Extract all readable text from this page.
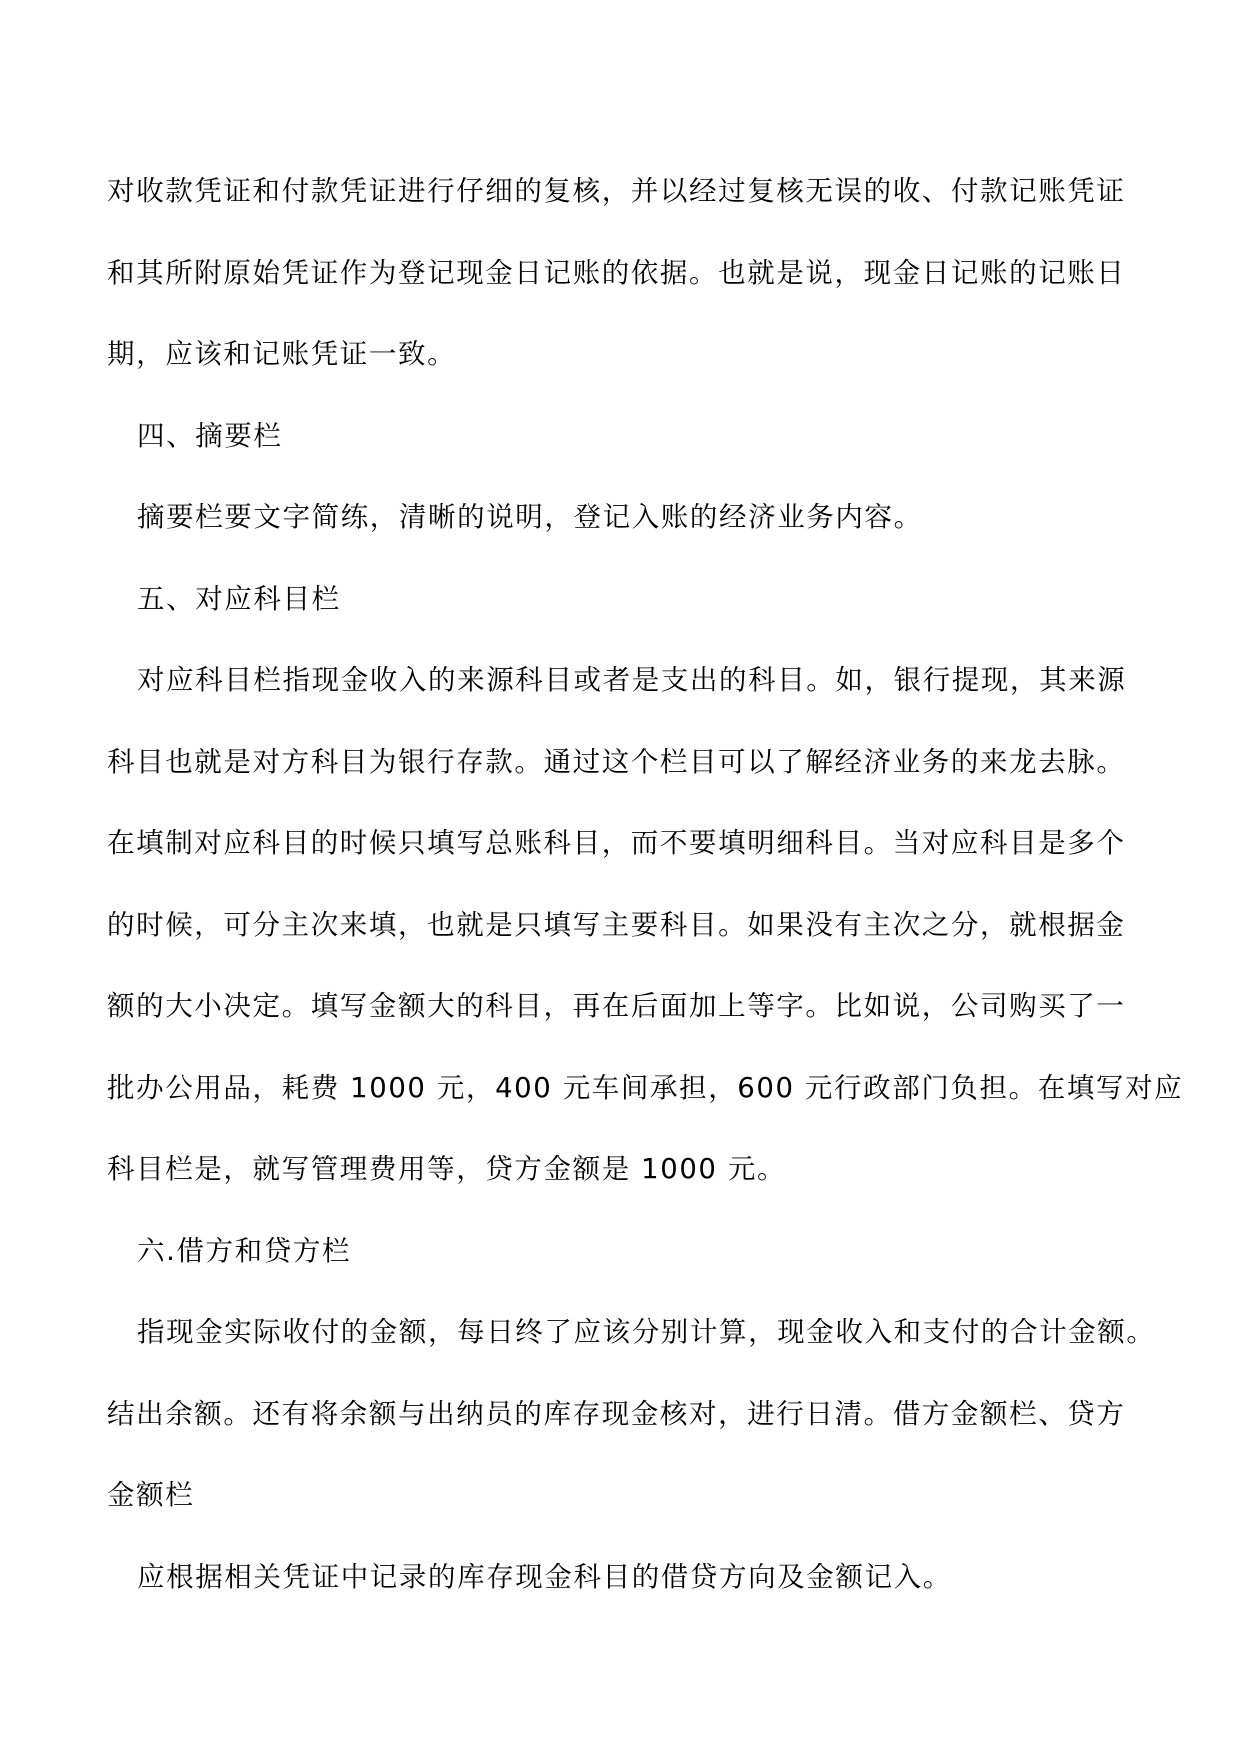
对收款凭证和付款凭证进行仔细的复核，并以经过复核无误的收、付款记账凭证
和其所附原始凭证作为登记现金日记账的依据。也就是说，现金日记账的记账日
期，应该和记账凭证一致。
四、摘要栏
摘要栏要文字简练，清晰的说明，登记入账的经济业务内容。
五、对应科目栏
对应科目栏指现金收入的来源科目或者是支出的科目。如，银行提现，其来源
科目也就是对方科目为银行存款。通过这个栏目可以了解经济业务的来龙去脉。
在填制对应科目的时候只填写总账科目，而不要填明细科目。当对应科目是多个
的时候，可分主次来填，也就是只填写主要科目。如果没有主次之分，就根据金
额的大小决定。填写金额大的科目，再在后面加上等字。比如说，公司购买了一
批办公用品，耗费 1000 元，400 元车间承担，600 元行政部门负担。在填写对应
科目栏是，就写管理费用等，贷方金额是 1000 元。
六.借方和贷方栏
指现金实际收付的金额，每日终了应该分别计算，现金收入和支付的合计金额。
结出余额。还有将余额与出纳员的库存现金核对，进行日清。借方金额栏、贷方
金额栏
应根据相关凭证中记录的库存现金科目的借贷方向及金额记入。
